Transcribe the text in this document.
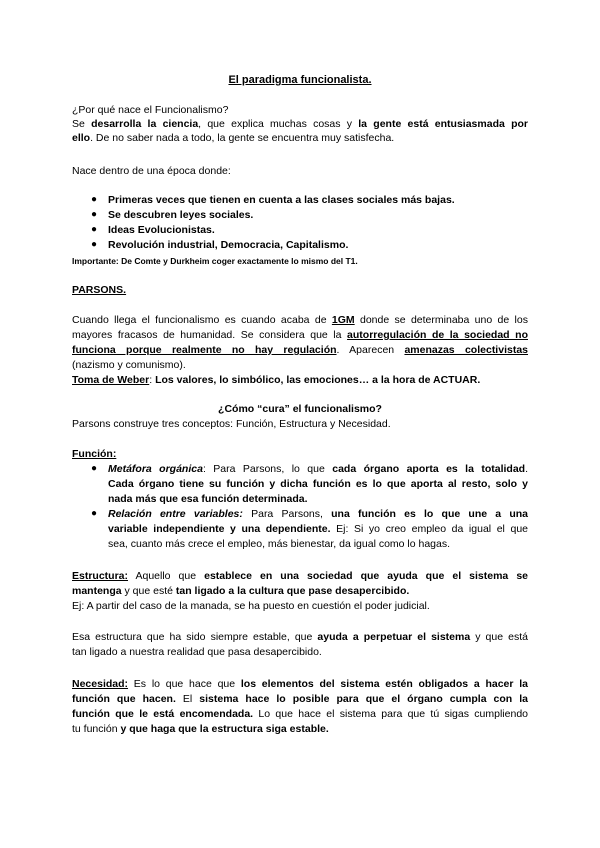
El paradigma funcionalista.
¿Por qué nace el Funcionalismo?
Se desarrolla la ciencia, que explica muchas cosas y la gente está entusiasmada por
ello. De no saber nada a todo, la gente se encuentra muy satisfecha.
Nace dentro de una época donde:
● Primeras veces que tienen en cuenta a las clases sociales más bajas.
● Se descubren leyes sociales.
● Ideas Evolucionistas.
● Revolución industrial, Democracia, Capitalismo.
Importante: De Comte y Durkheim coger exactamente lo mismo del T1.
PARSONS.
Cuando llega el funcionalismo es cuando acaba de 1GM donde se determinaba uno de los
mayores fracasos de humanidad. Se considera que la autorregulación de la sociedad no
funciona porque realmente no hay regulación. Aparecen amenazas colectivistas
(nazismo y comunismo).
Toma de Weber: Los valores, lo simbólico, las emociones… a la hora de ACTUAR.
¿Cómo “cura” el funcionalismo?
Parsons construye tres conceptos: Función, Estructura y Necesidad.
Función:
● Metáfora orgánica: Para Parsons, lo que cada órgano aporta es la totalidad.
Cada órgano tiene su función y dicha función es lo que aporta al resto, solo y
nada más que esa función determinada.
● Relación entre variables: Para Parsons, una función es lo que une a una
variable independiente y una dependiente. Ej: Si yo creo empleo da igual el que
sea, cuanto más crece el empleo, más bienestar, da igual como lo hagas.
Estructura: Aquello que establece en una sociedad que ayuda que el sistema se
mantenga y que esté tan ligado a la cultura que pase desapercibido.
Ej: A partir del caso de la manada, se ha puesto en cuestión el poder judicial.
Esa estructura que ha sido siempre estable, que ayuda a perpetuar el sistema y que está
tan ligado a nuestra realidad que pasa desapercibido.
Necesidad: Es lo que hace que los elementos del sistema estén obligados a hacer la
función que hacen. El sistema hace lo posible para que el órgano cumpla con la
función que le está encomendada. Lo que hace el sistema para que tú sigas cumpliendo
tu función y que haga que la estructura siga estable.
